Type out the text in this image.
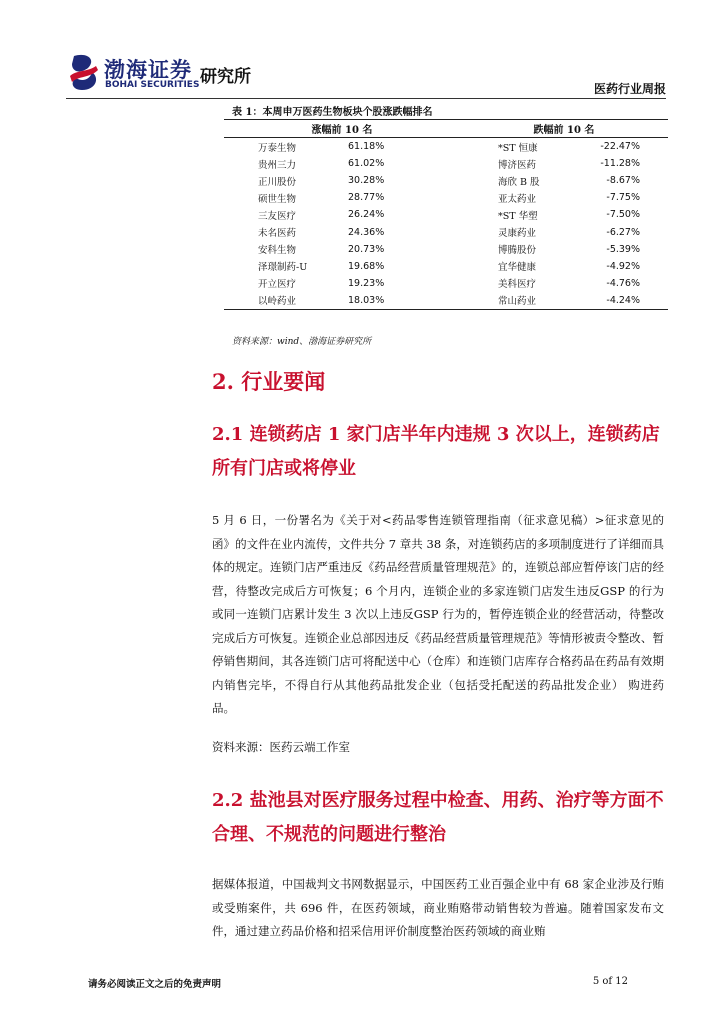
渤海证券
BOHAI SECURITIES 研究所
医药行业周报
表 1：本周申万医药生物板块个股涨跌幅排名
涨幅前 10 名		跌幅前 10 名	
万泰生物	61.18%	*ST 恒康	-22.47%
贵州三力	61.02%	博济医药	-11.28%
正川股份	30.28%	海欣 B 股	-8.67%
硕世生物	28.77%	亚太药业	-7.75%
三友医疗	26.24%	*ST 华塑	-7.50%
未名医药	24.36%	灵康药业	-6.27%
安科生物	20.73%	博腾股份	-5.39%
泽璟制药-U	19.68%	宜华健康	-4.92%
开立医疗	19.23%	美科医疗	-4.76%
以岭药业	18.03%	常山药业	-4.24%
资料来源：wind、渤海证券研究所
2. 行业要闻
2.1 连锁药店 1 家门店半年内违规 3 次以上，连锁药店所有门店或将停业
5 月 6 日，一份署名为《关于对<药品零售连锁管理指南（征求意见稿）>征求意见的函》的文件在业内流传，文件共分 7 章共 38 条，对连锁药店的多项制度进行了详细而具体的规定。连锁门店严重违反《药品经营质量管理规范》的，连锁总部应暂停该门店的经营，待整改完成后方可恢复；6 个月内，连锁企业的多家连锁门店发生违反GSP 的行为或同一连锁门店累计发生 3 次以上违反GSP 行为的，暂停连锁企业的经营活动，待整改完成后方可恢复。连锁企业总部因违反《药品经营质量管理规范》等情形被责令整改、暂停销售期间，其各连锁门店可将配送中心（仓库）和连锁门店库存合格药品在药品有效期内销售完毕，不得自行从其他药品批发企业（包括受托配送的药品批发企业） 购进药品。
资料来源：医药云端工作室
2.2 盐池县对医疗服务过程中检查、用药、治疗等方面不合理、不规范的问题进行整治
据媒体报道，中国裁判文书网数据显示，中国医药工业百强企业中有 68 家企业涉及行贿或受贿案件，共 696 件，在医药领域，商业贿赂带动销售较为普遍。随着国家发布文件，通过建立药品价格和招采信用评价制度整治医药领域的商业贿
请务必阅读正文之后的免责声明	5 of 12
